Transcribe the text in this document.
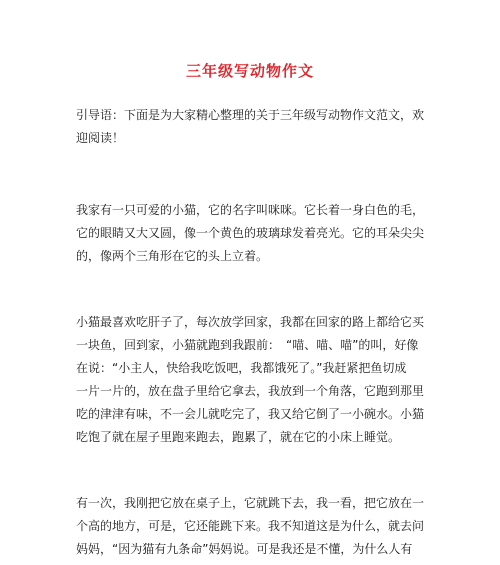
三年级写动物作文

引导语：下面是为大家精心整理的关于三年级写动物作文范文，欢
迎阅读！

我家有一只可爱的小猫，它的名字叫咪咪。它长着一身白色的毛，
它的眼睛又大又圆，像一个黄色的玻璃球发着亮光。它的耳朵尖尖
的，像两个三角形在它的头上立着。

小猫最喜欢吃肝子了，每次放学回家，我都在回家的路上都给它买
一块鱼，回到家，小猫就跑到我跟前：　“喵、喵、喵”的叫，好像
在说：“小主人，快给我吃饭吧，我都饿死了。”我赶紧把鱼切成
一片一片的，放在盘子里给它拿去，我放到一个角落，它跑到那里
吃的津津有味，不一会儿就吃完了，我又给它倒了一小碗水。小猫
吃饱了就在屋子里跑来跑去，跑累了，就在它的小床上睡觉。

有一次，我刚把它放在桌子上，它就跳下去，我一看，把它放在一
个高的地方，可是，它还能跳下来。我不知道这是为什么，就去问
妈妈，“因为猫有九条命”妈妈说。可是我还是不懂，为什么人有
